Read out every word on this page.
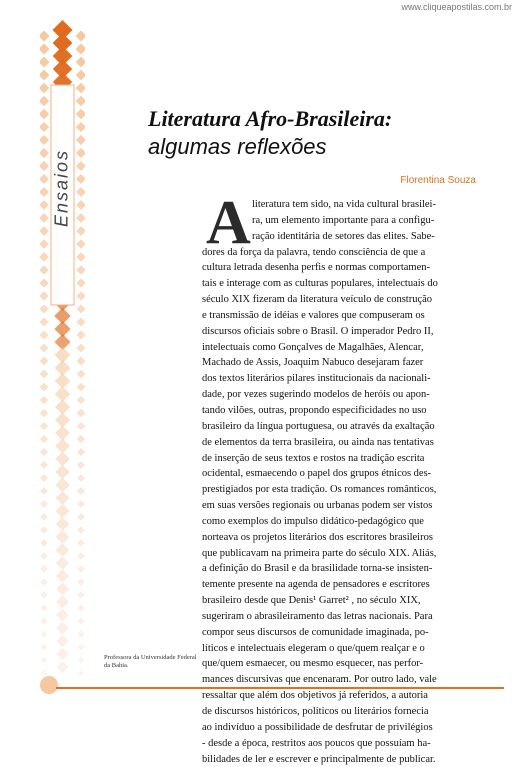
www.cliqueapostilas.com.br
Ensaios
Literatura Afro-Brasileira:
algumas reflexões
Florentina Souza
A literatura tem sido, na vida cultural brasilei-
ra, um elemento importante para a configu-
ração identitária de setores das elites. Sabe-
dores da força da palavra, tendo consciência de que a
cultura letrada desenha perfis e normas comportamen-
tais e interage com as culturas populares, intelectuais do
século XIX fizeram da literatura veículo de construção
e transmissão de idéias e valores que compuseram os
discursos oficiais sobre o Brasil. O imperador Pedro II,
intelectuais como Gonçalves de Magalhães, Alencar,
Machado de Assis, Joaquim Nabuco desejaram fazer
dos textos literários pilares institucionais da nacionali-
dade, por vezes sugerindo modelos de heróis ou apon-
tando vilões, outras, propondo especificidades no uso
brasileiro da língua portuguesa, ou através da exaltação
de elementos da terra brasileira, ou ainda nas tentativas
de inserção de seus textos e rostos na tradição escrita
ocidental, esmaecendo o papel dos grupos étnicos des-
prestigiados por esta tradição. Os romances românticos,
em suas versões regionais ou urbanas podem ser vistos
como exemplos do impulso didático-pedagógico que
norteava os projetos literários dos escritores brasileiros
que publicavam na primeira parte do século XIX. Aliás,
a definição do Brasil e da brasilidade torna-se insisten-
temente presente na agenda de pensadores e escritores
brasileiro desde que Denis¹ Garret² , no século XIX,
sugeriram o abrasileiramento das letras nacionais. Para
compor seus discursos de comunidade imaginada, po-
líticos e intelectuais elegeram o que/quem realçar e o
que/quem esmaecer, ou mesmo esquecer, nas perfor-
mances discursivas que encenaram. Por outro lado, vale
ressaltar que além dos objetivos já referidos, a autoria
de discursos históricos, políticos ou literários fornecia
ao indivíduo a possibilidade de desfrutar de privilégios
- desde a época, restritos aos poucos que possuíam ha-
bilidades de ler e escrever e principalmente de publicar.
Professora da Universidade Federal da Bahia.
